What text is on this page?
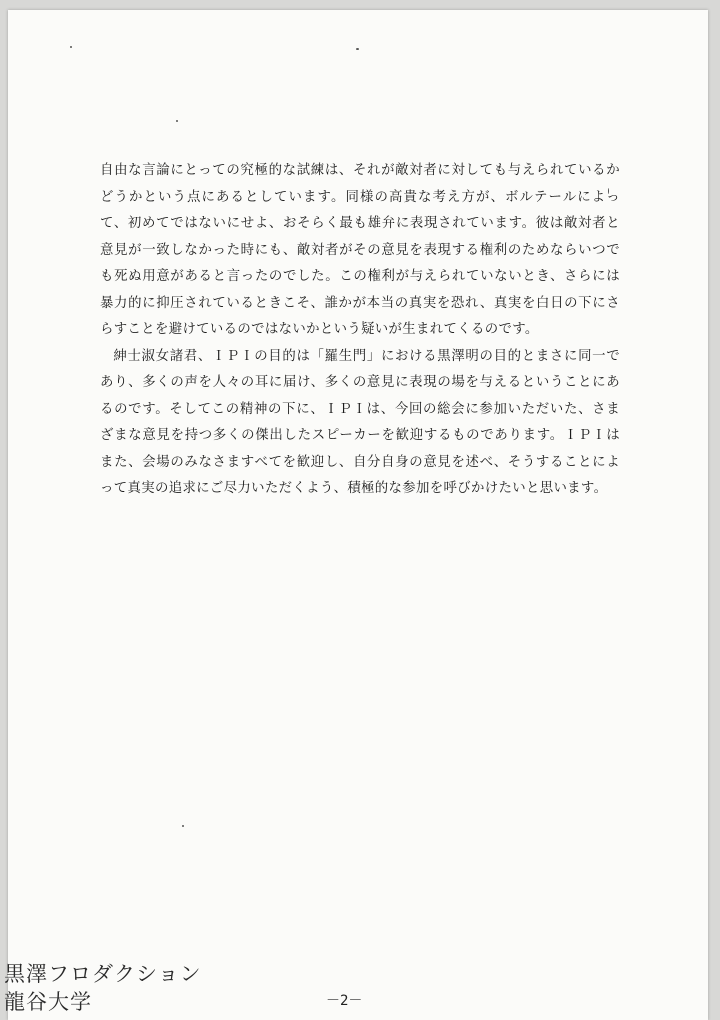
自由な言論にとっての究極的な試練は、それが敵対者に対しても与えられているかどうかという点にあるとしています。同様の高貴な考え方が、ボルテールによって、初めてではないにせよ、おそらく最も雄弁に表現されています。彼は敵対者と意見が一致しなかった時にも、敵対者がその意見を表現する権利のためならいつでも死ぬ用意があると言ったのでした。この権利が与えられていないとき、さらには暴力的に抑圧されているときこそ、誰かが本当の真実を恐れ、真実を白日の下にさらすことを避けているのではないかという疑いが生まれてくるのです。

紳士淑女諸君、ＩＰＩの目的は「羅生門」における黒澤明の目的とまさに同一であり、多くの声を人々の耳に届け、多くの意見に表現の場を与えるということにあるのです。そしてこの精神の下に、ＩＰＩは、今回の総会に参加いただいた、さまざまな意見を持つ多くの傑出したスピーカーを歓迎するものであります。ＩＰＩはまた、会場のみなさますべてを歓迎し、自分自身の意見を述べ、そうすることによって真実の追求にご尽力いただくよう、積極的な参加を呼びかけたいと思います。

－2－
黒澤フロダクション
龍谷大学
